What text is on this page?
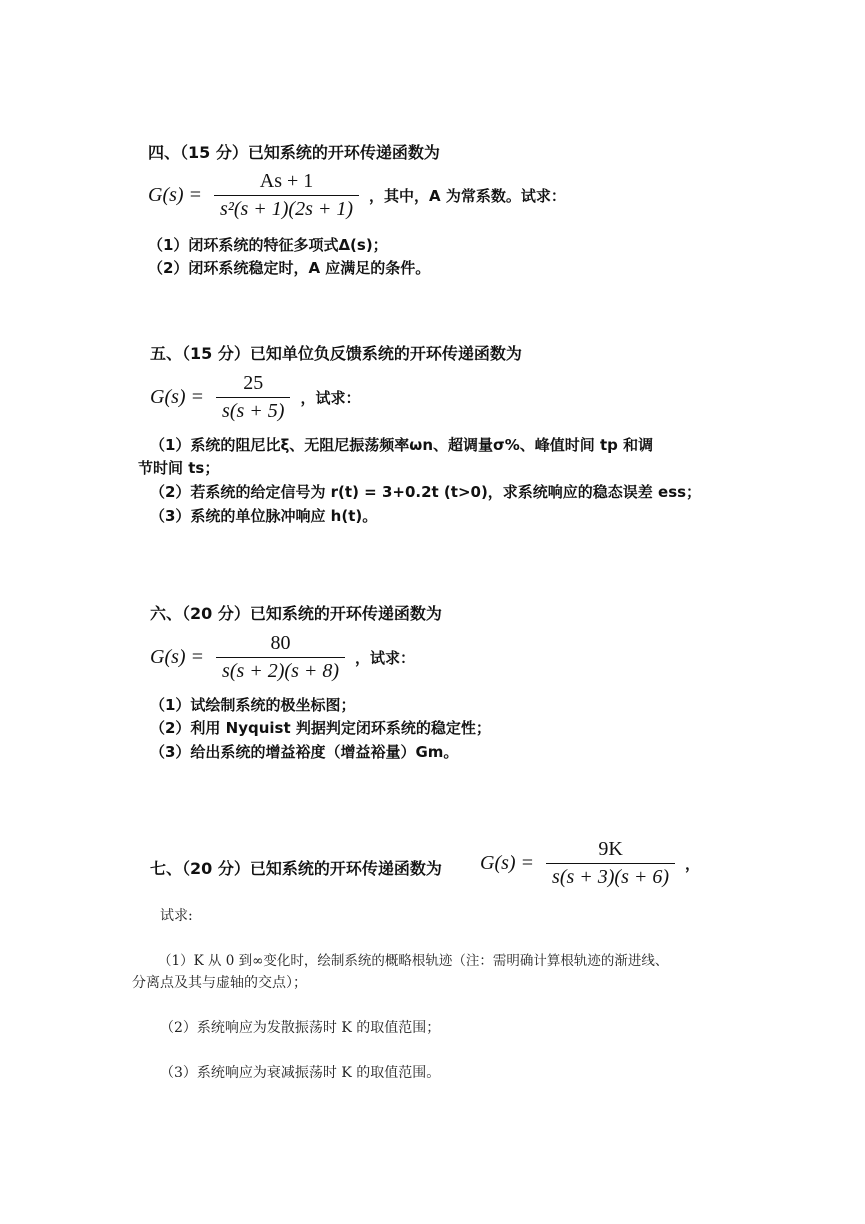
四、（15 分）已知系统的开环传递函数为
$G(s) = \frac{As + 1}{\text{s²(s + 1)(2s + 1)}}$ ，其中，A 为常系数。试求：
（1）闭环系统的特征多项式Δ(s)；
（2）闭环系统稳定时，A 应满足的条件。
五、（15 分）已知单位负反馈系统的开环传递函数为
$G(s) = \frac{25}{s(s + 5)}$ ，试求：
（1）系统的阻尼比ξ、无阻尼振荡频率ωn、超调量σ%、峰值时间 tp 和调
节时间 ts；
（2）若系统的给定信号为 r(t) = 3+0.2t (t>0)，求系统响应的稳态误差 ess；
（3）系统的单位脉冲响应 h(t)。
六、（20 分）已知系统的开环传递函数为
$G(s) = \frac{80}{s(s + 2)(s + 8)}$ ，试求：
（1）试绘制系统的极坐标图；
（2）利用 Nyquist 判据判定闭环系统的稳定性；
（3）给出系统的增益裕度（增益裕量）Gm。
七、（20 分）已知系统的开环传递函数为 $G(s) = \frac{9K}{s(s + 3)(s + 6)}$ ，
试求:
（1）K 从 0 到∞变化时，绘制系统的概略根轨迹（注：需明确计算根轨迹的渐进线、
分离点及其与虚轴的交点）；
（2）系统响应为发散振荡时 K 的取值范围；
（3）系统响应为衰减振荡时 K 的取值范围。
